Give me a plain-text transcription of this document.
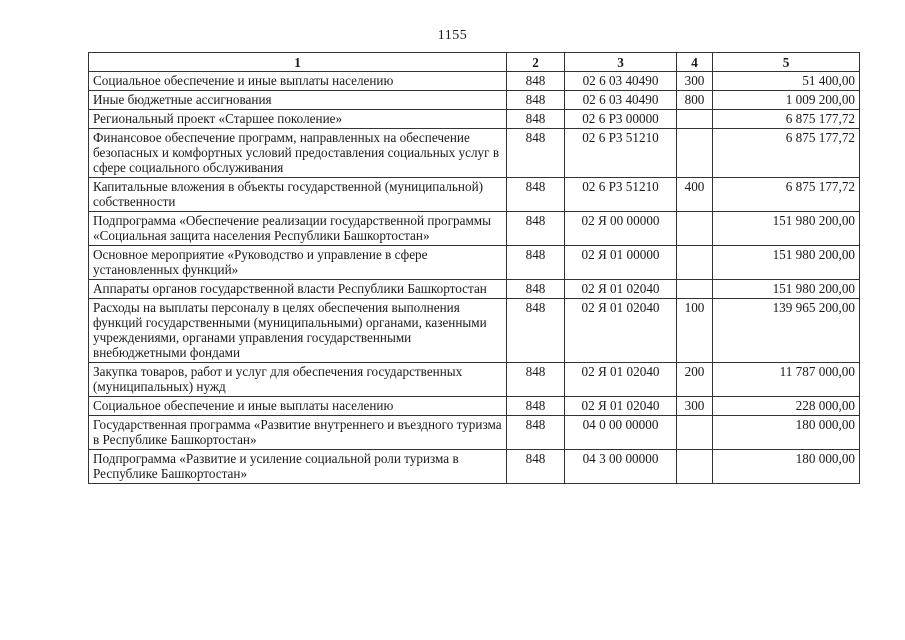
1155
1	2	3	4	5
Социальное обеспечение и иные выплаты населению	848	02 6 03 40490	300	51 400,00
Иные бюджетные ассигнования	848	02 6 03 40490	800	1 009 200,00
Региональный проект «Старшее поколение»	848	02 6 P3 00000		6 875 177,72
Финансовое обеспечение программ, направленных на обеспечение безопасных и комфортных условий предоставления социальных услуг в сфере социального обслуживания	848	02 6 P3 51210		6 875 177,72
Капитальные вложения в объекты государственной (муниципальной) собственности	848	02 6 P3 51210	400	6 875 177,72
Подпрограмма «Обеспечение реализации государственной программы «Социальная защита населения Республики Башкортостан»	848	02 Я 00 00000		151 980 200,00
Основное мероприятие «Руководство и управление в сфере установленных функций»	848	02 Я 01 00000		151 980 200,00
Аппараты органов государственной власти Республики Башкортостан	848	02 Я 01 02040		151 980 200,00
Расходы на выплаты персоналу в целях обеспечения выполнения функций государственными (муниципальными) органами, казенными учреждениями, органами управления государственными внебюджетными фондами	848	02 Я 01 02040	100	139 965 200,00
Закупка товаров, работ и услуг для обеспечения государственных (муниципальных) нужд	848	02 Я 01 02040	200	11 787 000,00
Социальное обеспечение и иные выплаты населению	848	02 Я 01 02040	300	228 000,00
Государственная программа «Развитие внутреннего и въездного туризма в Республике Башкортостан»	848	04 0 00 00000		180 000,00
Подпрограмма «Развитие и усиление социальной роли туризма в Республике Башкортостан»	848	04 3 00 00000		180 000,00
